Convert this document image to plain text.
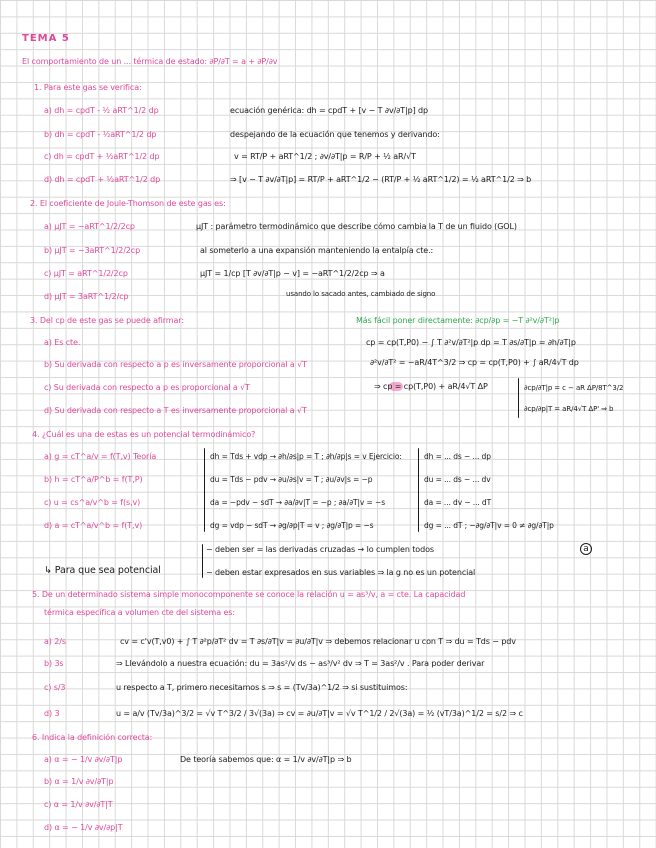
TEMA 5
El comportamiento de un ... térmica de estado: ∂P/∂T = a + ∂P/∂v
1. Para este gas se verifica:
a) dh = cpdT - ½ aRT^1/2 dp
b) dh = cpdT - ½aRT^1/2 dp
c) dh = cpdT + ½aRT^1/2 dp
d) dh = cpdT + ½aRT^1/2 dp
ecuación genérica: dh = cpdT + [v − T ∂v/∂T|p] dp
despejando de la ecuación que tenemos y derivando:
v = RT/P + aRT^1/2 ; ∂v/∂T|p = R/P + ½ aR/√T
⇒ [v − T ∂v/∂T|p] = RT/P + aRT^1/2 − (RT/P + ½ aRT^1/2) = ½ aRT^1/2 ⇒ b
2. El coeficiente de Joule-Thomson de este gas es:
a) μJT = −aRT^1/2/2cp
b) μJT = −3aRT^1/2/2cp
c) μJT = aRT^1/2/2cp
d) μJT = 3aRT^1/2/cp
μJT : parámetro termodinámico que describe cómo cambia la T de un fluido (GOL)
al someterlo a una expansión manteniendo la entalpía cte.:
μJT = 1/cp [T ∂v/∂T|p − v] = −aRT^1/2/2cp ⇒ a
usando lo sacado antes, cambiado de signo
3. Del cp de este gas se puede afirmar:	Más fácil poner directamente: ∂cp/∂p = −T ∂²v/∂T²|p
a) Es cte.
b) Su derivada con respecto a p es inversamente proporcional a √T
c) Su derivada con respecto a p es proporcional a √T
d) Su derivada con respecto a T es inversamente proporcional a √T
cp = cp(T,P0) − ∫ T ∂²v/∂T²|p dp = T ∂s/∂T|p = ∂h/∂T|p
∂²v/∂T² = −aR/4T^3/2 ⇒ cp = cp(T,P0) + ∫ aR/4√T dp
⇒ cp = cp(T,P0) + aR/4√T ΔP	∂cp/∂T|p = c − aR ΔP/8T^3/2
∂cp/∂p|T = aR/4√T ΔP' ⇒ b
4. ¿Cuál es una de estas es un potencial termodinámico?
a) g = cT^a/v = f(T,v) Teoría
b) h = cT^a/P^b = f(T,P)
c) u = cs^a/v^b = f(s,v)
d) a = cT^a/v^b = f(T,v)
dh = Tds + vdp → ∂h/∂s|p = T ; ∂h/∂p|s = v Ejercicio:
du = Tds − pdv → ∂u/∂s|v = T ; ∂u/∂v|s = −p
da = −pdv − sdT → ∂a/∂v|T = −p ; ∂a/∂T|v = −s
dg = vdp − sdT → ∂g/∂p|T = v ; ∂g/∂T|p = −s
dh = ... ds − ... dp
du = ... ds − ... dv
da = ... dv − ... dT
dg = ... dT ; −∂g/∂T|v = 0 ≠ ∂g/∂T|p
− deben ser = las derivadas cruzadas → lo cumplen todos
↳ Para que sea potencial	− deben estar expresados en sus variables ⇒ la g no es un potencial
a
5. De un determinado sistema simple monocomponente se conoce la relación u = as³/v, a = cte. La capacidad
térmica específica a volumen cte del sistema es:
a) 2/s
b) 3s
c) s/3
d) 3
cv = c'v(T,v0) + ∫ T ∂²p/∂T² dv = T ∂s/∂T|v = ∂u/∂T|v ⇒ debemos relacionar u con T ⇒ du = Tds − pdv
⇒ Llevándolo a nuestra ecuación: du = 3as²/v ds − as³/v² dv ⇒ T = 3as²/v . Para poder derivar
u respecto a T, primero necesitamos s ⇒ s = (Tv/3a)^1/2 ⇒ si sustituimos:
u = a/v (Tv/3a)^3/2 = √v T^3/2 / 3√(3a) ⇒ cv = ∂u/∂T|v = √v T^1/2 / 2√(3a) = ½ (vT/3a)^1/2 = s/2 ⇒ c
6. Indica la definición correcta:
a) α = − 1/v ∂v/∂T|p
b) α = 1/v ∂v/∂T|p
c) α = 1/v ∂v/∂T|T
d) α = − 1/v ∂v/∂p|T
De teoría sabemos que: α = 1/v ∂v/∂T|p ⇒ b
